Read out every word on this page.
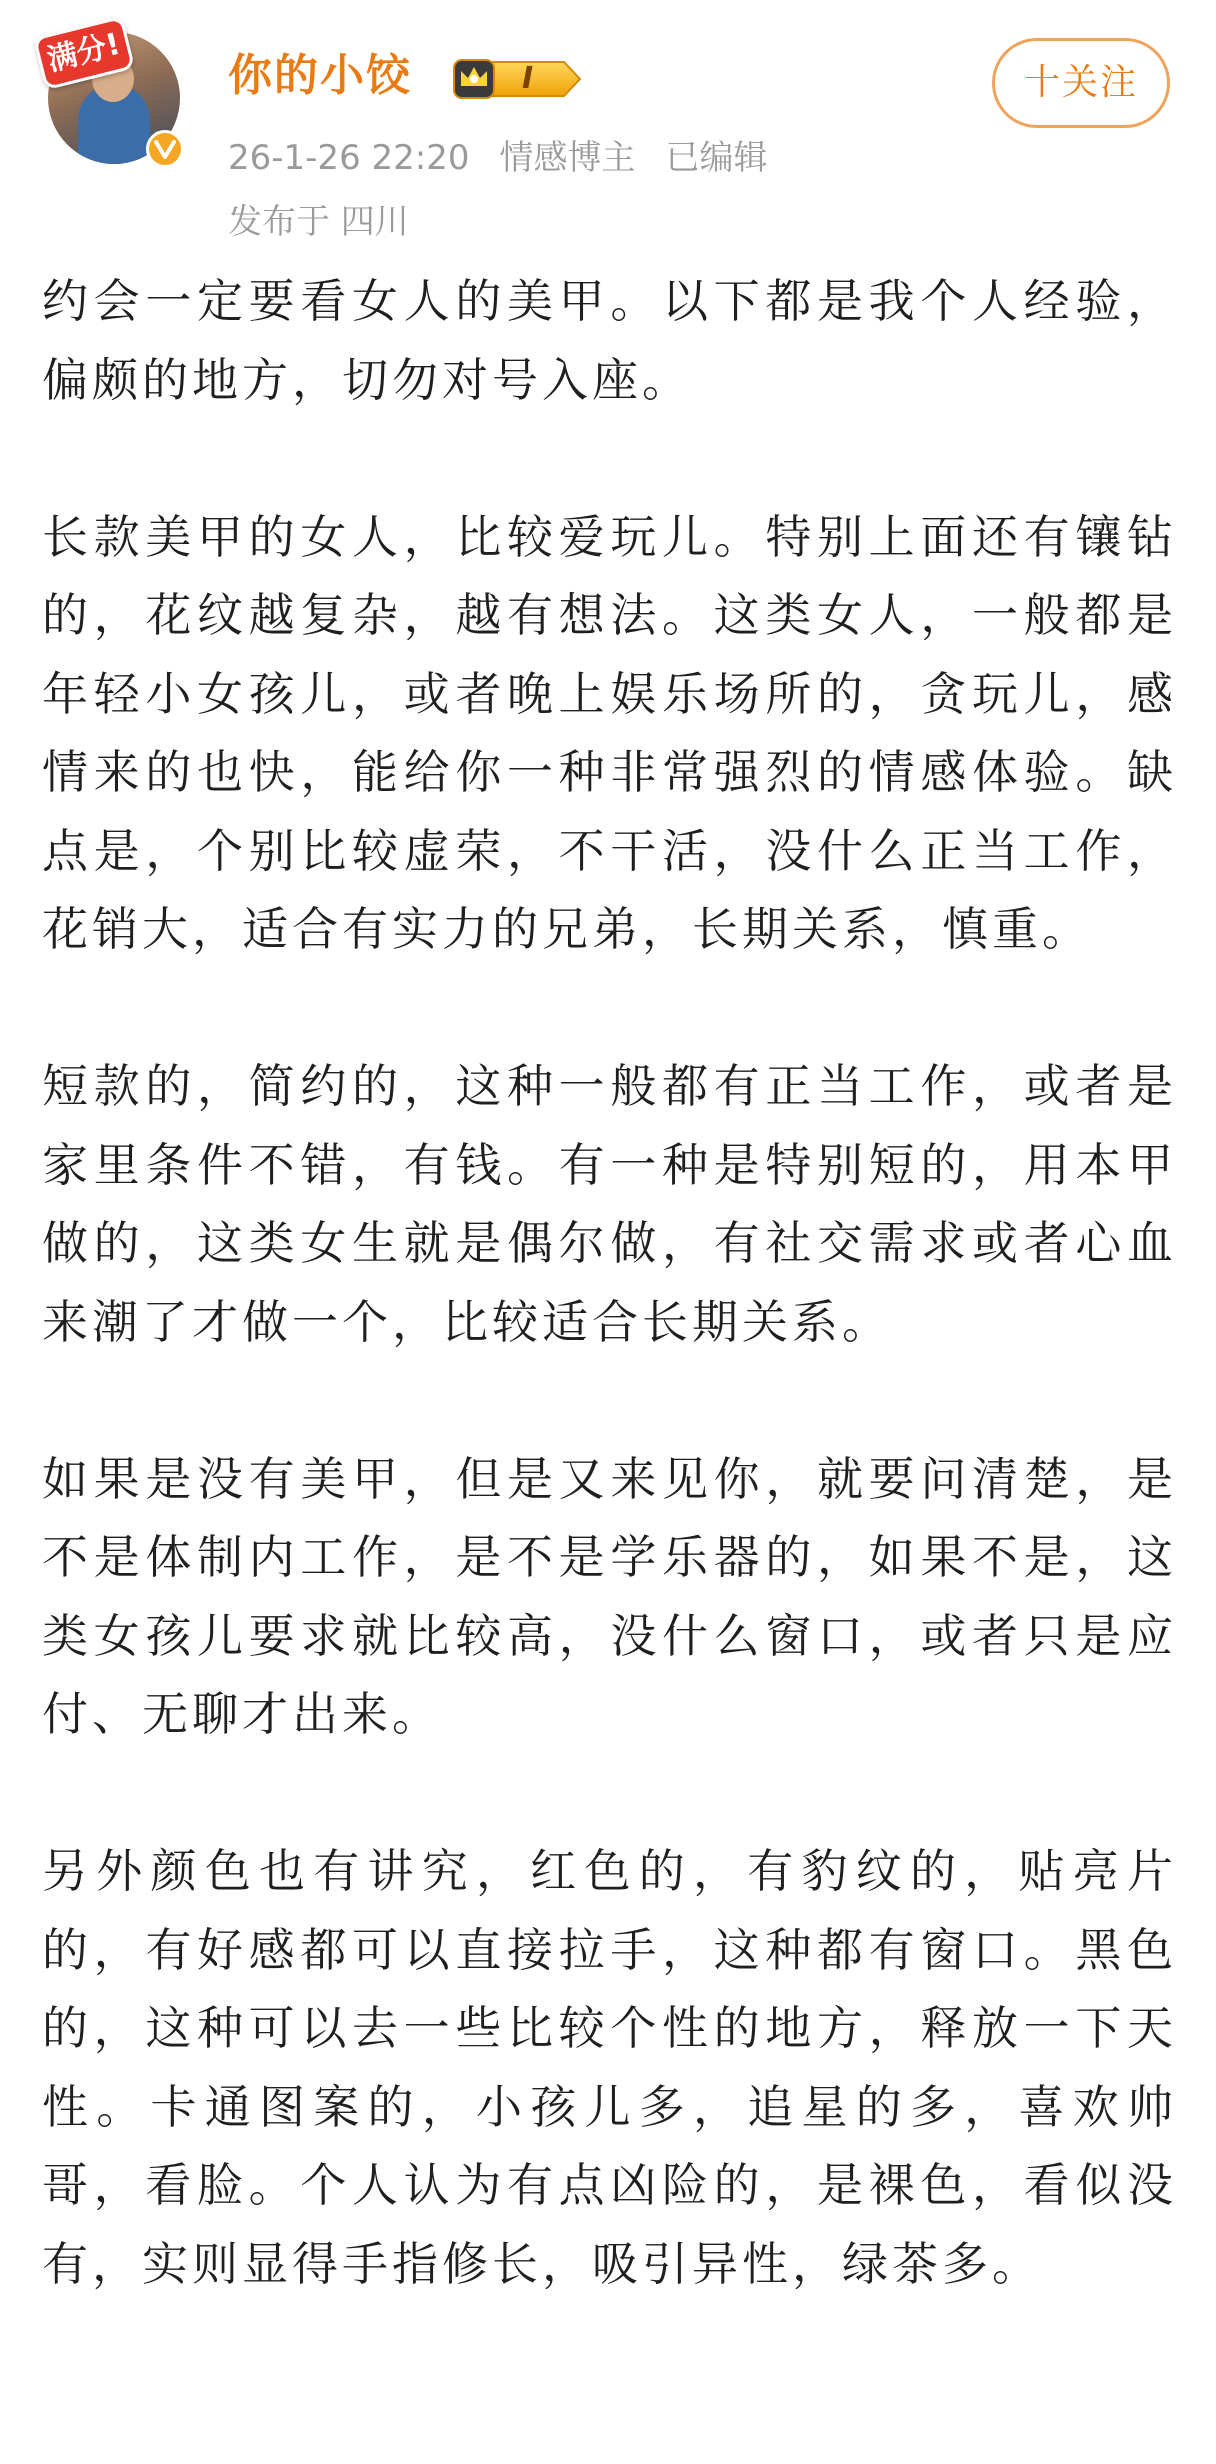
满分! 你的小饺	I	十关注
26-1-26 22:20 情感博主 已编辑
发布于 四川

约会一定要看女人的美甲。以下都是我个人经验，偏颇的地方，切勿对号入座。

长款美甲的女人，比较爱玩儿。特别上面还有镶钻的，花纹越复杂，越有想法。这类女人，一般都是年轻小女孩儿，或者晚上娱乐场所的，贪玩儿，感情来的也快，能给你一种非常强烈的情感体验。缺点是，个别比较虚荣，不干活，没什么正当工作，花销大，适合有实力的兄弟，长期关系，慎重。

短款的，简约的，这种一般都有正当工作，或者是家里条件不错，有钱。有一种是特别短的，用本甲做的，这类女生就是偶尔做，有社交需求或者心血来潮了才做一个，比较适合长期关系。

如果是没有美甲，但是又来见你，就要问清楚，是不是体制内工作，是不是学乐器的，如果不是，这类女孩儿要求就比较高，没什么窗口，或者只是应付、无聊才出来。

另外颜色也有讲究，红色的，有豹纹的，贴亮片的，有好感都可以直接拉手，这种都有窗口。黑色的，这种可以去一些比较个性的地方，释放一下天性。卡通图案的，小孩儿多，追星的多，喜欢帅哥，看脸。个人认为有点凶险的，是裸色，看似没有，实则显得手指修长，吸引异性，绿茶多。
